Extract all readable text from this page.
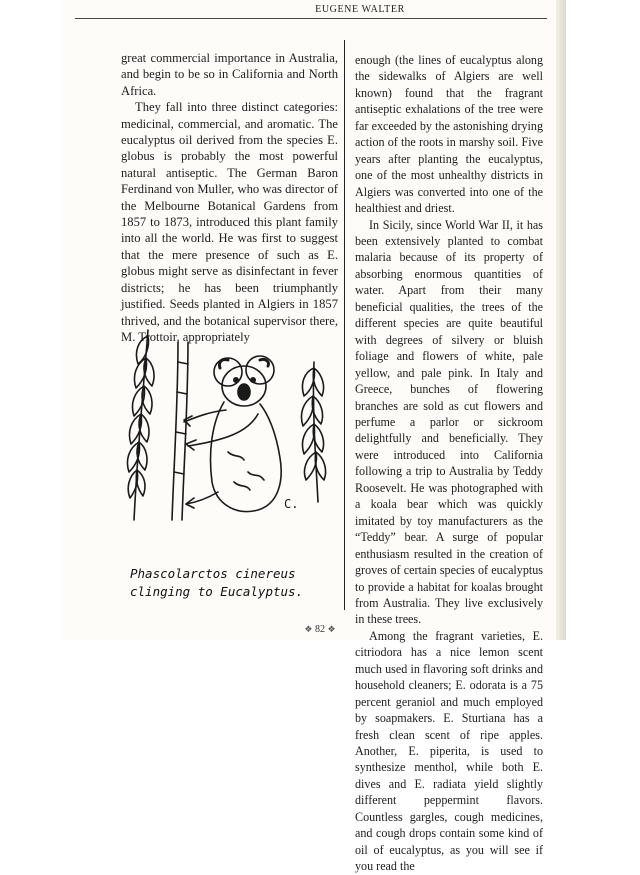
EUGENE WALTER

great commercial importance in Australia, and begin to be so in California and North Africa.

They fall into three distinct categories: medicinal, commercial, and aromatic. The eucalyptus oil derived from the species E. globus is probably the most powerful natural antiseptic. The German Baron Ferdinand von Muller, who was director of the Melbourne Botanical Gardens from 1857 to 1873, introduced this plant family into all the world. He was first to suggest that the mere presence of such as E. globus might serve as disinfectant in fever districts; he has been triumphantly justified. Seeds planted in Algiers in 1857 thrived, and the botanical supervisor there, M. Trottoir, appropriately

enough (the lines of eucalyptus along the sidewalks of Algiers are well known) found that the fragrant antiseptic exhalations of the tree were far exceeded by the astonishing drying action of the roots in marshy soil. Five years after planting the eucalyptus, one of the most unhealthy districts in Algiers was converted into one of the healthiest and driest.

In Sicily, since World War II, it has been extensively planted to combat malaria because of its property of absorbing enormous quantities of water. Apart from their many beneficial qualities, the trees of the different species are quite beautiful with degrees of silvery or bluish foliage and flowers of white, pale yellow, and pale pink. In Italy and Greece, bunches of flowering branches are sold as cut flowers and perfume a parlor or sickroom delightfully and beneficially. They were introduced into California following a trip to Australia by Teddy Roosevelt. He was photographed with a koala bear which was quickly imitated by toy manufacturers as the “Teddy” bear. A surge of popular enthusiasm resulted in the creation of groves of certain species of eucalyptus to provide a habitat for koalas brought from Australia. They live exclusively in these trees.

Among the fragrant varieties, E. citriodora has a nice lemon scent much used in flavoring soft drinks and household cleaners; E. odorata is a 75 percent geraniol and much employed by soapmakers. E. Sturtiana has a fresh clean scent of ripe apples. Another, E. piperita, is used to synthesize menthol, while both E. dives and E. radiata yield slightly different peppermint flavors. Countless gargles, cough medicines, and cough drops contain some kind of oil of eucalyptus, as you will see if you read the

C.
Phascolarctos cinereus
clinging to Eucalyptus.
❖ 82 ❖
